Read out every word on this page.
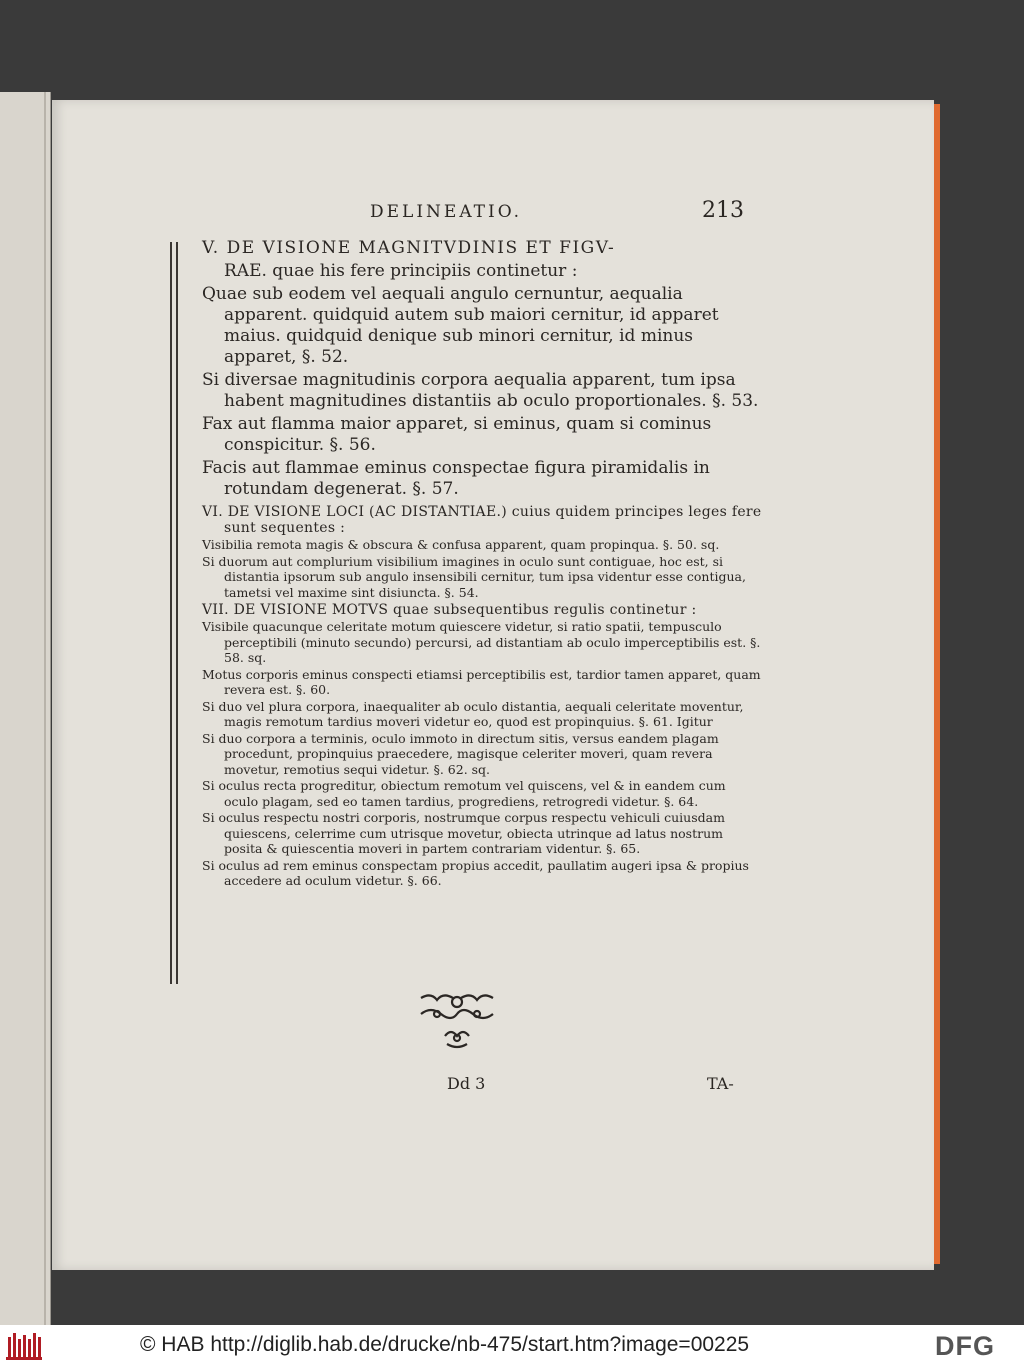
DELINEATIO.	213

V. DE VISIONE MAGNITVDINIS ET FIGV-

RAE. quae his fere principiis continetur :

Quae sub eodem vel aequali angulo cernuntur, aequalia apparent. quidquid autem sub maiori cernitur, id apparet maius. quidquid denique sub minori cernitur, id minus apparet, §. 52.

Si diversae magnitudinis corpora aequalia apparent, tum ipsa habent magnitudines distantiis ab oculo proportionales. §. 53.

Fax aut flamma maior apparet, si eminus, quam si cominus conspicitur. §. 56.

Facis aut flammae eminus conspectae figura piramidalis in rotundam degenerat. §. 57.

VI. DE VISIONE LOCI (AC DISTANTIAE.) cuius quidem principes leges fere sunt sequentes :

Visibilia remota magis & obscura & confusa apparent, quam propinqua. §. 50. sq.

Si duorum aut complurium visibilium imagines in oculo sunt contiguae, hoc est, si distantia ipsorum sub angulo insensibili cernitur, tum ipsa videntur esse contigua, tametsi vel maxime sint disiuncta. §. 54.

VII. DE VISIONE MOTVS quae subsequentibus regulis continetur :

Visibile quacunque celeritate motum quiescere videtur, si ratio spatii, tempusculo perceptibili (minuto secundo) percursi, ad distantiam ab oculo imperceptibilis est. §. 58. sq.

Motus corporis eminus conspecti etiamsi perceptibilis est, tardior tamen apparet, quam revera est. §. 60.

Si duo vel plura corpora, inaequaliter ab oculo distantia, aequali celeritate moventur, magis remotum tardius moveri videtur eo, quod est propinquius. §. 61. Igitur

Si duo corpora a terminis, oculo immoto in directum sitis, versus eandem plagam procedunt, propinquius praecedere, magisque celeriter moveri, quam revera movetur, remotius sequi videtur. §. 62. sq.

Si oculus recta progreditur, obiectum remotum vel quiscens, vel & in eandem cum oculo plagam, sed eo tamen tardius, progrediens, retrogredi videtur. §. 64.

Si oculus respectu nostri corporis, nostrumque corpus respectu vehiculi cuiusdam quiescens, celerrime cum utrisque movetur, obiecta utrinque ad latus nostrum posita & quiescentia moveri in partem contrariam videntur. §. 65.

Si oculus ad rem eminus conspectam propius accedit, paullatim augeri ipsa & propius accedere ad oculum videtur. §. 66.

Dd 3	TA-
© HAB http://diglib.hab.de/drucke/nb-475/start.htm?image=00225	DFG
